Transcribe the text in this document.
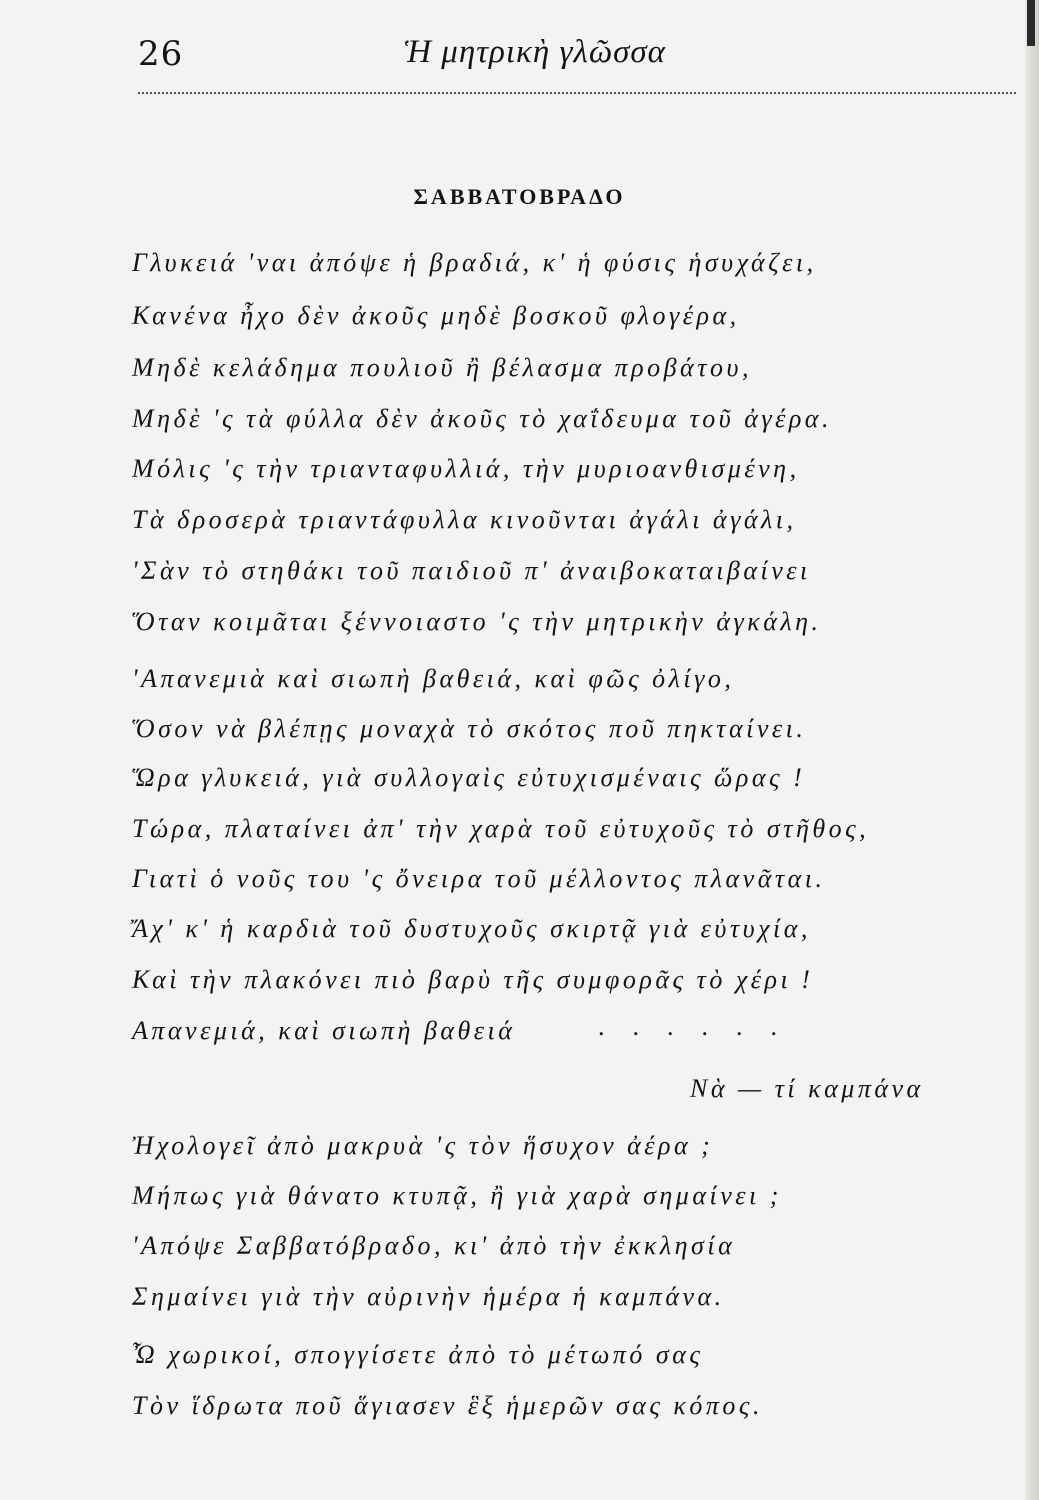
26	Ἡ μητρικὴ γλῶσσα
ΣΑΒΒΑΤΟΒΡΑΔΟ
Γλυκειά 'ναι ἀπόψε ἡ βραδιά, κ' ἡ φύσις ἡσυχάζει,
Κανένα ἦχο δὲν ἀκοῦς μηδὲ βοσκοῦ φλογέρα,
Μηδὲ κελάδημα πουλιοῦ ἢ βέλασμα προβάτου,
Μηδὲ 'ς τὰ φύλλα δὲν ἀκοῦς τὸ χαΐδευμα τοῦ ἀγέρα.
Μόλις 'ς τὴν τριανταφυλλιά, τὴν μυριοανθισμένη,
Τὰ δροσερὰ τριαντάφυλλα κινοῦνται ἀγάλι ἀγάλι,
'Σὰν τὸ στηθάκι τοῦ παιδιοῦ π' ἀναιβοκαταιβαίνει
Ὅταν κοιμᾶται ξέννοιαστο 'ς τὴν μητρικὴν ἀγκάλη.
'Απανεμιὰ καὶ σιωπὴ βαθειά, καὶ φῶς ὀλίγο,
Ὅσον νὰ βλέπῃς μοναχὰ τὸ σκότος ποῦ πηκταίνει.
Ὥρα γλυκειά, γιὰ συλλογαὶς εὐτυχισμέναις ὥρας !
Τώρα, πλαταίνει ἀπ' τὴν χαρὰ τοῦ εὐτυχοῦς τὸ στῆθος,
Γιατὶ ὁ νοῦς του 'ς ὄνειρα τοῦ μέλλοντος πλανᾶται.
Ἄχ' κ' ἡ καρδιὰ τοῦ δυστυχοῦς σκιρτᾷ γιὰ εὐτυχία,
Καὶ τὴν πλακόνει πιὸ βαρὺ τῆς συμφορᾶς τὸ χέρι !
Απανεμιά, καὶ σιωπὴ βαθειά	......
Νὰ — τί καμπάνα
Ἠχολογεῖ ἀπὸ μακρυὰ 'ς τὸν ἥσυχον ἀέρα ;
Μήπως γιὰ θάνατο κτυπᾷ, ἢ γιὰ χαρὰ σημαίνει ;
'Απόψε Σαββατόβραδο, κι' ἀπὸ τὴν ἐκκλησία
Σημαίνει γιὰ τὴν αὐρινὴν ἡμέρα ἡ καμπάνα.
Ὦ χωρικοί, σπογγίσετε ἀπὸ τὸ μέτωπό σας
Τὸν ἵδρωτα ποῦ ἅγιασεν ἓξ ἡμερῶν σας κόπος.
